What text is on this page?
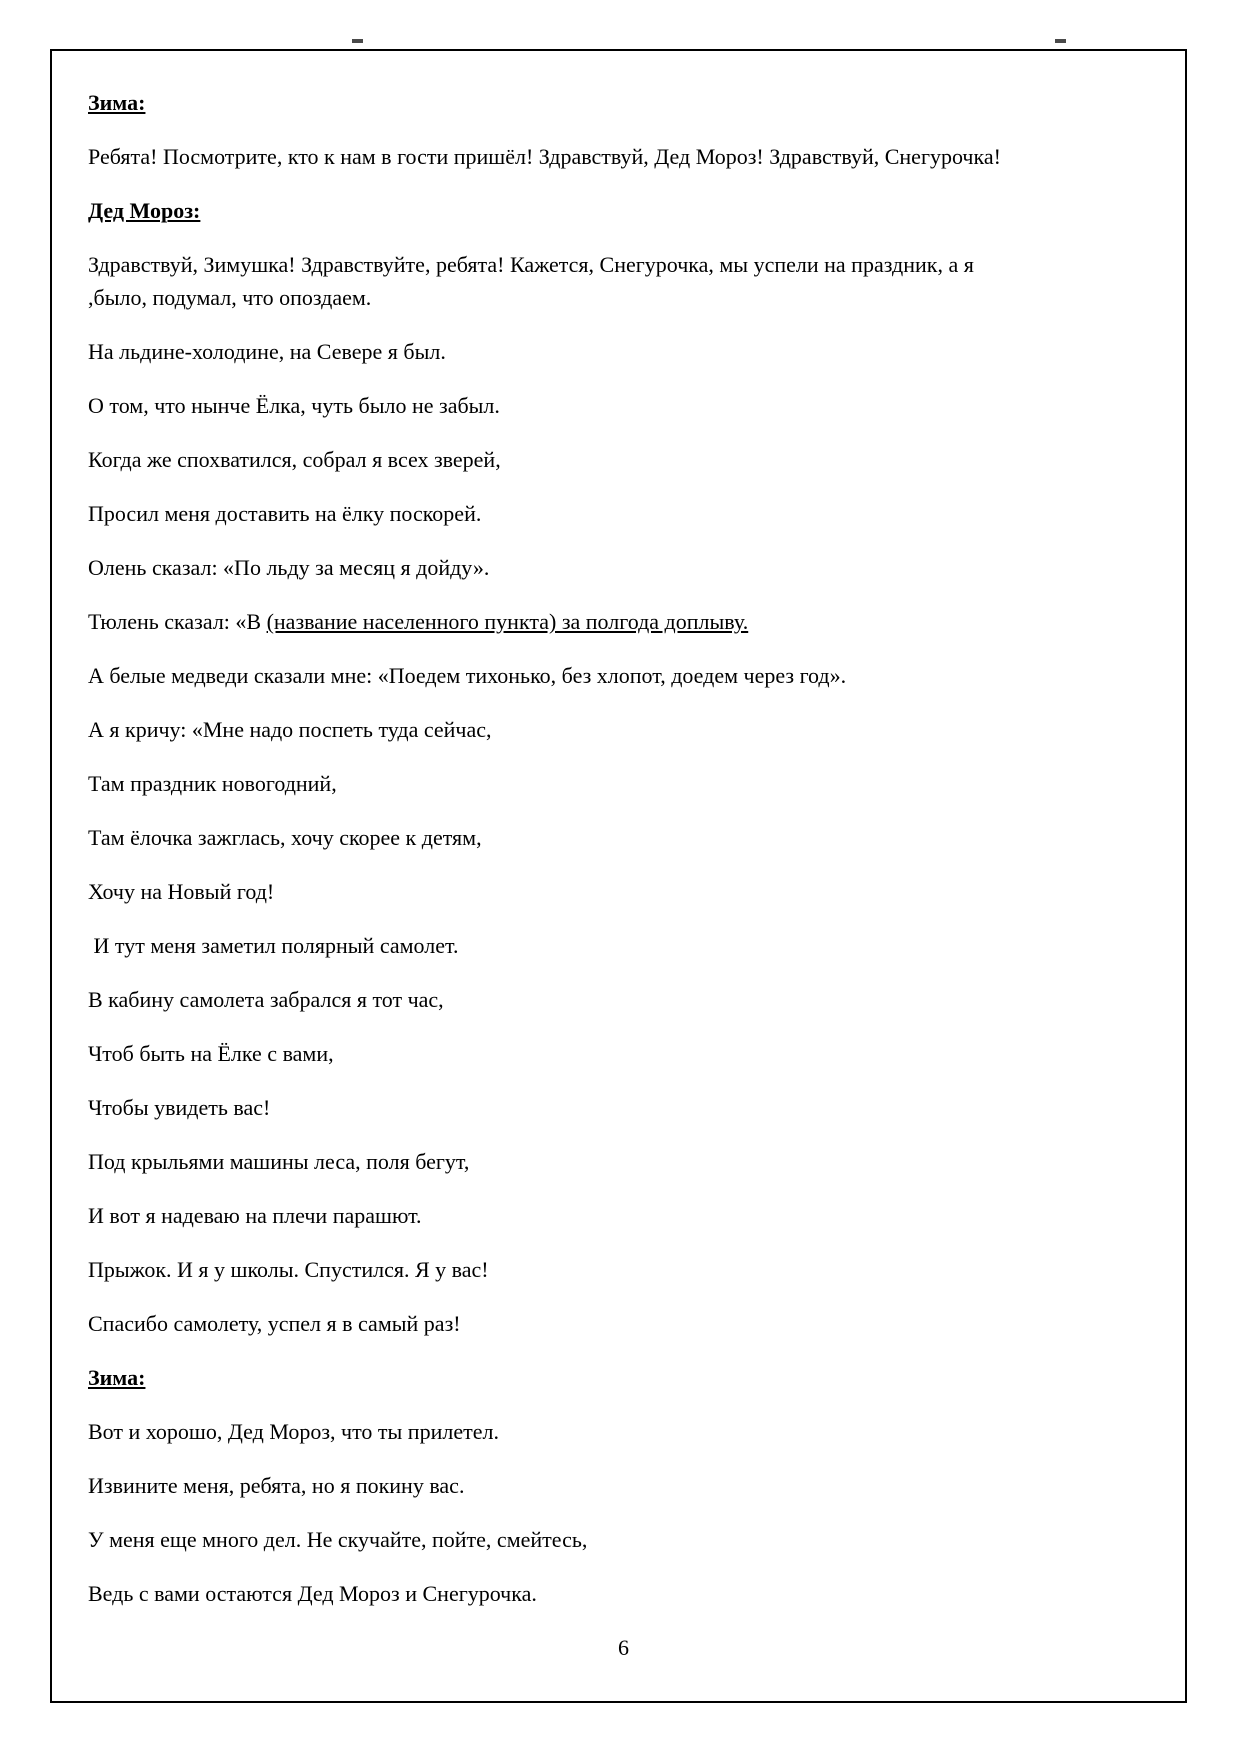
Зима:

Ребята! Посмотрите, кто к нам в гости пришёл! Здравствуй, Дед Мороз! Здравствуй, Снегурочка!

Дед Мороз:

Здравствуй, Зимушка! Здравствуйте, ребята! Кажется, Снегурочка, мы успели на праздник, а я

,было, подумал, что опоздаем.

На льдине-холодине, на Севере я был.

О том, что нынче Ёлка, чуть было не забыл.

Когда же спохватился, собрал я всех зверей,

Просил меня доставить на ёлку поскорей.

Олень сказал: «По льду за месяц я дойду».

Тюлень сказал: «В (название населенного пункта) за полгода доплыву.

А белые медведи сказали мне: «Поедем тихонько, без хлопот, доедем через год».

А я кричу: «Мне надо поспеть туда сейчас,

Там праздник новогодний,

Там ёлочка зажглась, хочу скорее к детям,

Хочу на Новый год!

И тут меня заметил полярный самолет.

В кабину самолета забрался я тот час,

Чтоб быть на Ёлке с вами,

Чтобы увидеть вас!

Под крыльями машины леса, поля бегут,

И вот я надеваю на плечи парашют.

Прыжок. И я у школы. Спустился. Я у вас!

Спасибо самолету, успел я в самый раз!

Зима:

Вот и хорошо, Дед Мороз, что ты прилетел.

Извините меня, ребята, но я покину вас.

У меня еще много дел. Не скучайте, пойте, смейтесь,

Ведь с вами остаются Дед Мороз и Снегурочка.

6
